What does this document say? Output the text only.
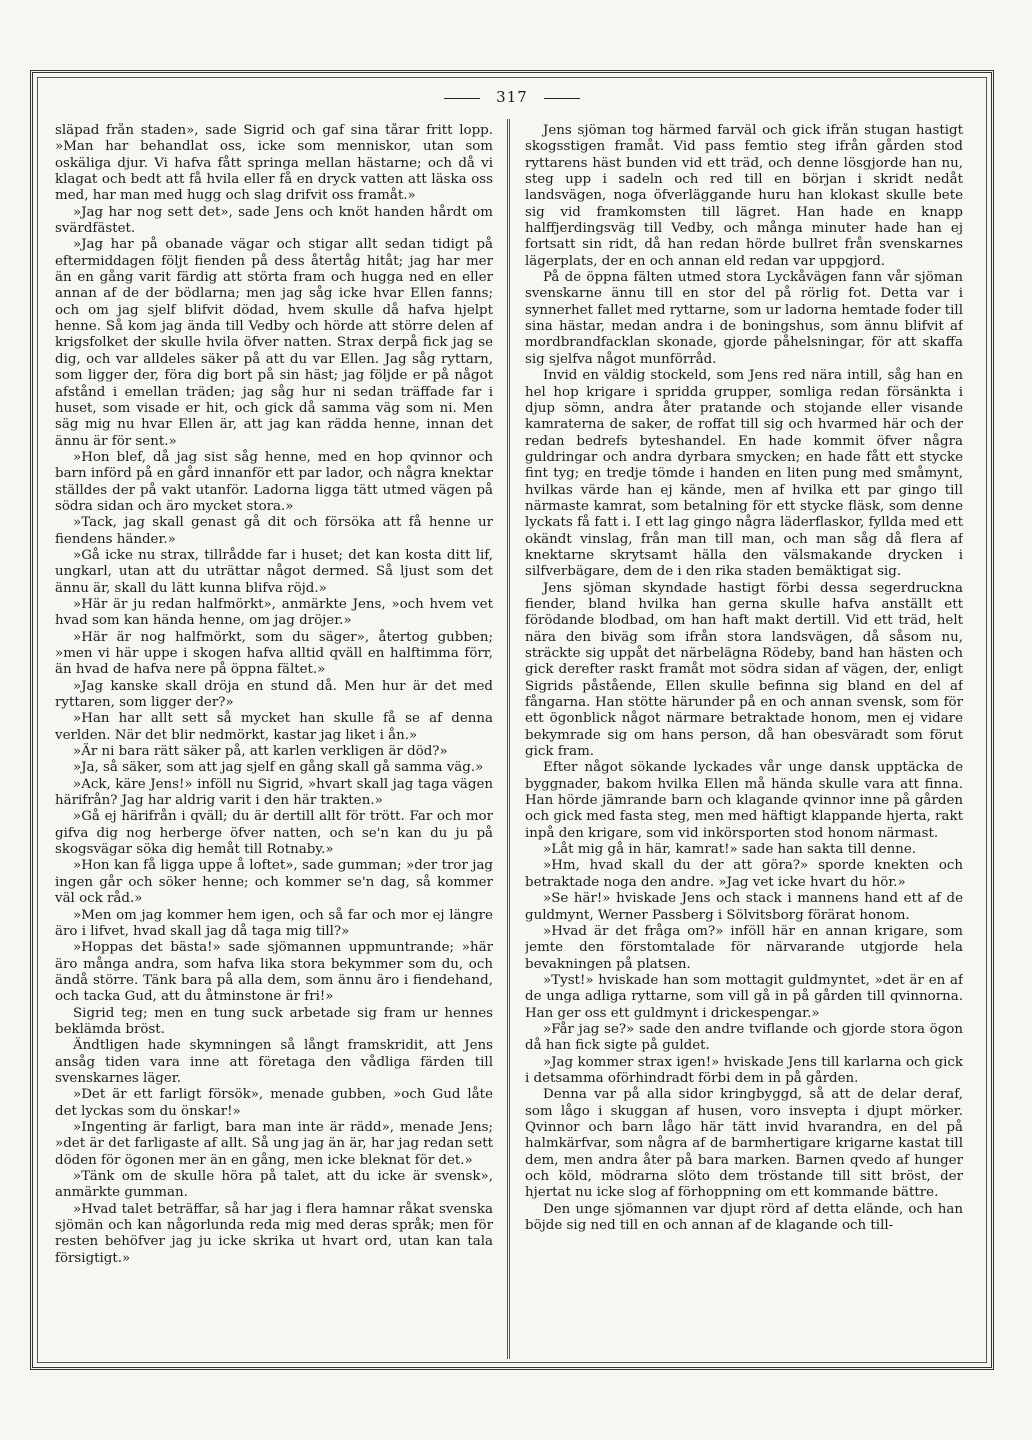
317

släpad från staden», sade Sigrid och gaf sina tårar fritt lopp. »Man har behandlat oss, icke som menniskor, utan som oskäliga djur. Vi hafva fått springa mellan hästarne; och då vi klagat och bedt att få hvila eller få en dryck vatten att läska oss med, har man med hugg och slag drifvit oss framåt.»

»Jag har nog sett det», sade Jens och knöt handen hårdt om svärdfästet.

»Jag har på obanade vägar och stigar allt sedan tidigt på eftermiddagen följt fienden på dess återtåg hitåt; jag har mer än en gång varit färdig att störta fram och hugga ned en eller annan af de der bödlarna; men jag såg icke hvar Ellen fanns; och om jag sjelf blifvit dödad, hvem skulle då hafva hjelpt henne. Så kom jag ända till Vedby och hörde att större delen af krigsfolket der skulle hvila öfver natten. Strax derpå fick jag se dig, och var alldeles säker på att du var Ellen. Jag såg ryttarn, som ligger der, föra dig bort på sin häst; jag följde er på något afstånd i emellan träden; jag såg hur ni sedan träffade far i huset, som visade er hit, och gick då samma väg som ni. Men säg mig nu hvar Ellen är, att jag kan rädda henne, innan det ännu är för sent.»

»Hon blef, då jag sist såg henne, med en hop qvinnor och barn införd på en gård innanför ett par lador, och några knektar ställdes der på vakt utanför. Ladorna ligga tätt utmed vägen på södra sidan och äro mycket stora.»

»Tack, jag skall genast gå dit och försöka att få henne ur fiendens händer.»

»Gå icke nu strax, tillrådde far i huset; det kan kosta ditt lif, ungkarl, utan att du uträttar något dermed. Så ljust som det ännu är, skall du lätt kunna blifva röjd.»

»Här är ju redan halfmörkt», anmärkte Jens, »och hvem vet hvad som kan hända henne, om jag dröjer.»

»Här är nog halfmörkt, som du säger», återtog gubben; »men vi här uppe i skogen hafva alltid qväll en halftimma förr, än hvad de hafva nere på öppna fältet.»

»Jag kanske skall dröja en stund då. Men hur är det med ryttaren, som ligger der?»

»Han har allt sett så mycket han skulle få se af denna verlden. När det blir nedmörkt, kastar jag liket i ån.»

»Är ni bara rätt säker på, att karlen verkligen är död?»

»Ja, så säker, som att jag sjelf en gång skall gå samma väg.»

»Ack, käre Jens!» inföll nu Sigrid, »hvart skall jag taga vägen härifrån? Jag har aldrig varit i den här trakten.»

»Gå ej härifrån i qväll; du är dertill allt för trött. Far och mor gifva dig nog herberge öfver natten, och se'n kan du ju på skogsvägar söka dig hemåt till Rotnaby.»

»Hon kan få ligga uppe å loftet», sade gumman; »der tror jag ingen går och söker henne; och kommer se'n dag, så kommer väl ock råd.»

»Men om jag kommer hem igen, och så far och mor ej längre äro i lifvet, hvad skall jag då taga mig till?»

»Hoppas det bästa!» sade sjömannen uppmuntrande; »här äro många andra, som hafva lika stora bekymmer som du, och ändå större. Tänk bara på alla dem, som ännu äro i fiendehand, och tacka Gud, att du åtminstone är fri!»

Sigrid teg; men en tung suck arbetade sig fram ur hennes beklämda bröst.

Ändtligen hade skymningen så långt framskridit, att Jens ansåg tiden vara inne att företaga den vådliga färden till svenskarnes läger.

»Det är ett farligt försök», menade gubben, »och Gud låte det lyckas som du önskar!»

»Ingenting är farligt, bara man inte är rädd», menade Jens; »det är det farligaste af allt. Så ung jag än är, har jag redan sett döden för ögonen mer än en gång, men icke bleknat för det.»

»Tänk om de skulle höra på talet, att du icke är svensk», anmärkte gumman.

»Hvad talet beträffar, så har jag i flera hamnar råkat svenska sjömän och kan någorlunda reda mig med deras språk; men för resten behöfver jag ju icke skrika ut hvart ord, utan kan tala försigtigt.»

Jens sjöman tog härmed farväl och gick ifrån stugan hastigt skogsstigen framåt. Vid pass femtio steg ifrån gården stod ryttarens häst bunden vid ett träd, och denne lösgjorde han nu, steg upp i sadeln och red till en början i skridt nedåt landsvägen, noga öfverläggande huru han klokast skulle bete sig vid framkomsten till lägret. Han hade en knapp halffjerdingsväg till Vedby, och många minuter hade han ej fortsatt sin ridt, då han redan hörde bullret från svenskarnes lägerplats, der en och annan eld redan var uppgjord.

På de öppna fälten utmed stora Lyckåvägen fann vår sjöman svenskarne ännu till en stor del på rörlig fot. Detta var i synnerhet fallet med ryttarne, som ur ladorna hemtade foder till sina hästar, medan andra i de boningshus, som ännu blifvit af mordbrandfacklan skonade, gjorde påhelsningar, för att skaffa sig sjelfva något munförråd.

Invid en väldig stockeld, som Jens red nära intill, såg han en hel hop krigare i spridda grupper, somliga redan försänkta i djup sömn, andra åter pratande och stojande eller visande kamraterna de saker, de roffat till sig och hvarmed här och der redan bedrefs byteshandel. En hade kommit öfver några guldringar och andra dyrbara smycken; en hade fått ett stycke fint tyg; en tredje tömde i handen en liten pung med småmynt, hvilkas värde han ej kände, men af hvilka ett par gingo till närmaste kamrat, som betalning för ett stycke fläsk, som denne lyckats få fatt i. I ett lag gingo några läderflaskor, fyllda med ett okändt vinslag, från man till man, och man såg då flera af knektarne skrytsamt hälla den välsmakande drycken i silfverbägare, dem de i den rika staden bemäktigat sig.

Jens sjöman skyndade hastigt förbi dessa segerdruckna fiender, bland hvilka han gerna skulle hafva anställt ett förödande blodbad, om han haft makt dertill. Vid ett träd, helt nära den biväg som ifrån stora landsvägen, då såsom nu, sträckte sig uppåt det närbelägna Rödeby, band han hästen och gick derefter raskt framåt mot södra sidan af vägen, der, enligt Sigrids påstående, Ellen skulle befinna sig bland en del af fångarna. Han stötte härunder på en och annan svensk, som för ett ögonblick något närmare betraktade honom, men ej vidare bekymrade sig om hans person, då han obesväradt som förut gick fram.

Efter något sökande lyckades vår unge dansk upptäcka de byggnader, bakom hvilka Ellen må hända skulle vara att finna. Han hörde jämrande barn och klagande qvinnor inne på gården och gick med fasta steg, men med häftigt klappande hjerta, rakt inpå den krigare, som vid inkörsporten stod honom närmast.

»Låt mig gå in här, kamrat!» sade han sakta till denne.

»Hm, hvad skall du der att göra?» sporde knekten och betraktade noga den andre. »Jag vet icke hvart du hör.»

»Se här!» hviskade Jens och stack i mannens hand ett af de guldmynt, Werner Passberg i Sölvitsborg förärat honom.

»Hvad är det fråga om?» inföll här en annan krigare, som jemte den förstomtalade för närvarande utgjorde hela bevakningen på platsen.

»Tyst!» hviskade han som mottagit guldmyntet, »det är en af de unga adliga ryttarne, som vill gå in på gården till qvinnorna. Han ger oss ett guldmynt i drickespengar.»

»Får jag se?» sade den andre tviflande och gjorde stora ögon då han fick sigte på guldet.

»Jag kommer strax igen!» hviskade Jens till karlarna och gick i detsamma oförhindradt förbi dem in på gården.

Denna var på alla sidor kringbyggd, så att de delar deraf, som lågo i skuggan af husen, voro insvepta i djupt mörker. Qvinnor och barn lågo här tätt invid hvarandra, en del på halmkärfvar, som några af de barmhertigare krigarne kastat till dem, men andra åter på bara marken. Barnen qvedo af hunger och köld, mödrarna slöto dem tröstande till sitt bröst, der hjertat nu icke slog af förhoppning om ett kommande bättre.

Den unge sjömannen var djupt rörd af detta elände, och han böjde sig ned till en och annan af de klagande och till-
